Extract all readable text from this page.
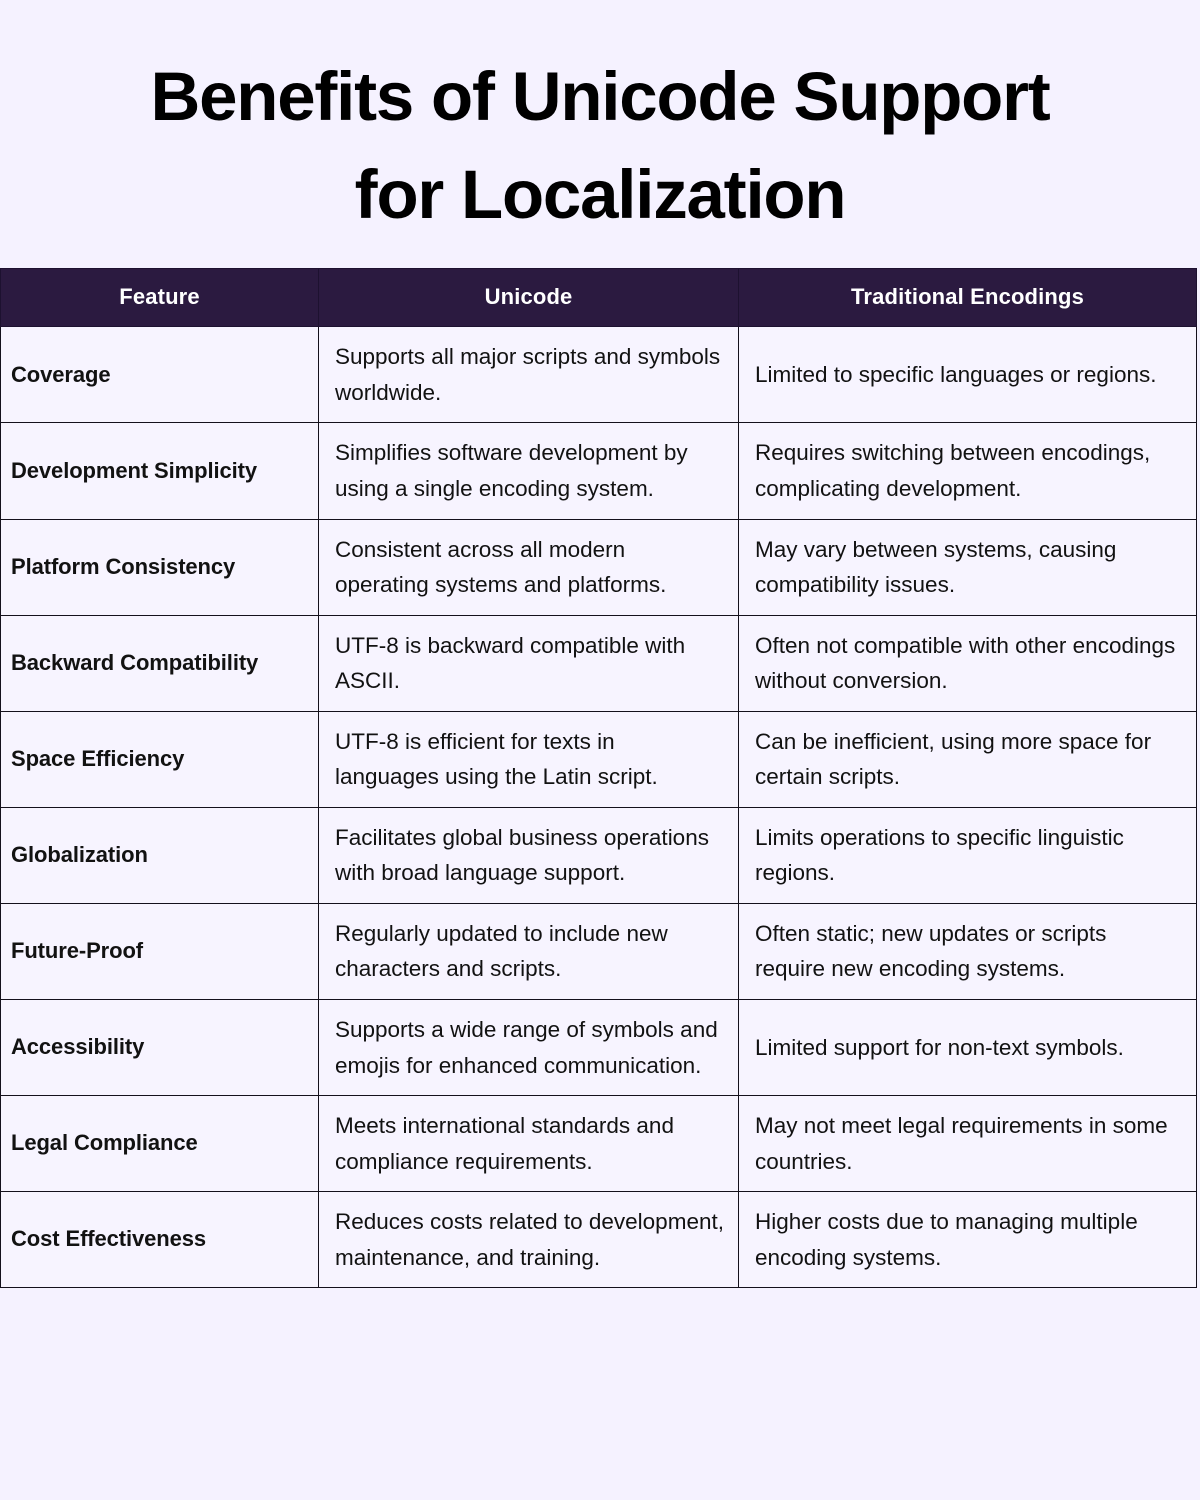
Benefits of Unicode Support
for Localization
Feature	Unicode	Traditional Encodings
Coverage	Supports all major scripts and symbols worldwide.	Limited to specific languages or regions.
Development Simplicity	Simplifies software development by using a single encoding system.	Requires switching between encodings, complicating development.
Platform Consistency	Consistent across all modern operating systems and platforms.	May vary between systems, causing compatibility issues.
Backward Compatibility	UTF-8 is backward compatible with ASCII.	Often not compatible with other encodings without conversion.
Space Efficiency	UTF-8 is efficient for texts in languages using the Latin script.	Can be inefficient, using more space for certain scripts.
Globalization	Facilitates global business operations with broad language support.	Limits operations to specific linguistic regions.
Future-Proof	Regularly updated to include new characters and scripts.	Often static; new updates or scripts require new encoding systems.
Accessibility	Supports a wide range of symbols and emojis for enhanced communication.	Limited support for non-text symbols.
Legal Compliance	Meets international standards and compliance requirements.	May not meet legal requirements in some countries.
Cost Effectiveness	Reduces costs related to development, maintenance, and training.	Higher costs due to managing multiple encoding systems.
